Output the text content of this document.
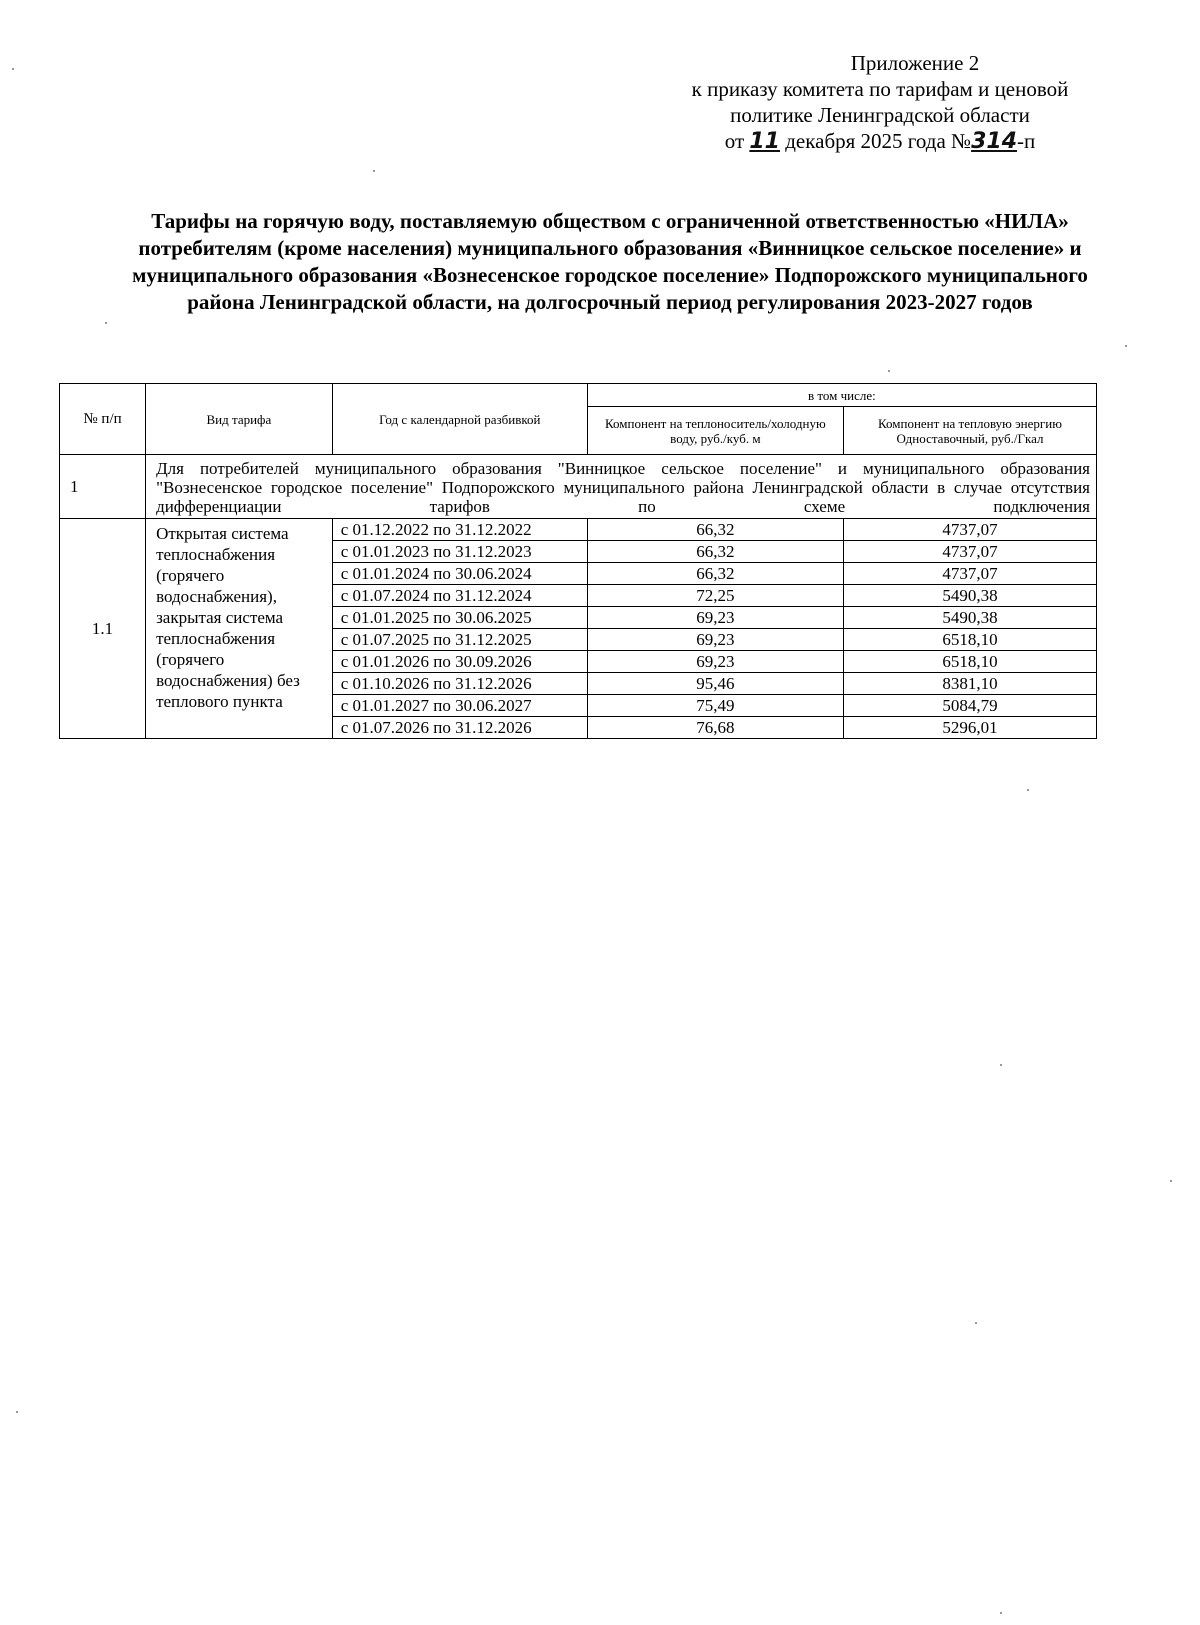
Приложение 2
к приказу комитета по тарифам и ценовой
политике Ленинградской области
от 11 декабря 2025 года №314-п
Тарифы на горячую воду, поставляемую обществом с ограниченной ответственностью «НИЛА» потребителям (кроме населения) муниципального образования «Винницкое сельское поселение» и муниципального образования «Вознесенское городское поселение» Подпорожского муниципального района Ленинградской области, на долгосрочный период регулирования 2023-2027 годов
№ п/п	Вид тарифа	Год с календарной разбивкой	в том числе:	
			Компонент на теплоноситель/холодную воду, руб./куб. м	Компонент на тепловую энергию Одноставочный, руб./Гкал
1	Для потребителей муниципального образования "Винницкое сельское поселение" и муниципального образования "Вознесенское городское поселение" Подпорожского муниципального района Ленинградской области в случае отсутствия дифференциации тарифов по схеме подключения			
1.1	Открытая система теплоснабжения (горячего водоснабжения), закрытая система теплоснабжения (горячего водоснабжения) без теплового пункта	с 01.12.2022 по 31.12.2022	66,32	4737,07
		с 01.01.2023 по 31.12.2023	66,32	4737,07
		с 01.01.2024 по 30.06.2024	66,32	4737,07
		с 01.07.2024 по 31.12.2024	72,25	5490,38
		с 01.01.2025 по 30.06.2025	69,23	5490,38
		с 01.07.2025 по 31.12.2025	69,23	6518,10
		с 01.01.2026 по 30.09.2026	69,23	6518,10
		с 01.10.2026 по 31.12.2026	95,46	8381,10
		с 01.01.2027 по 30.06.2027	75,49	5084,79
		с 01.07.2026 по 31.12.2026	76,68	5296,01
